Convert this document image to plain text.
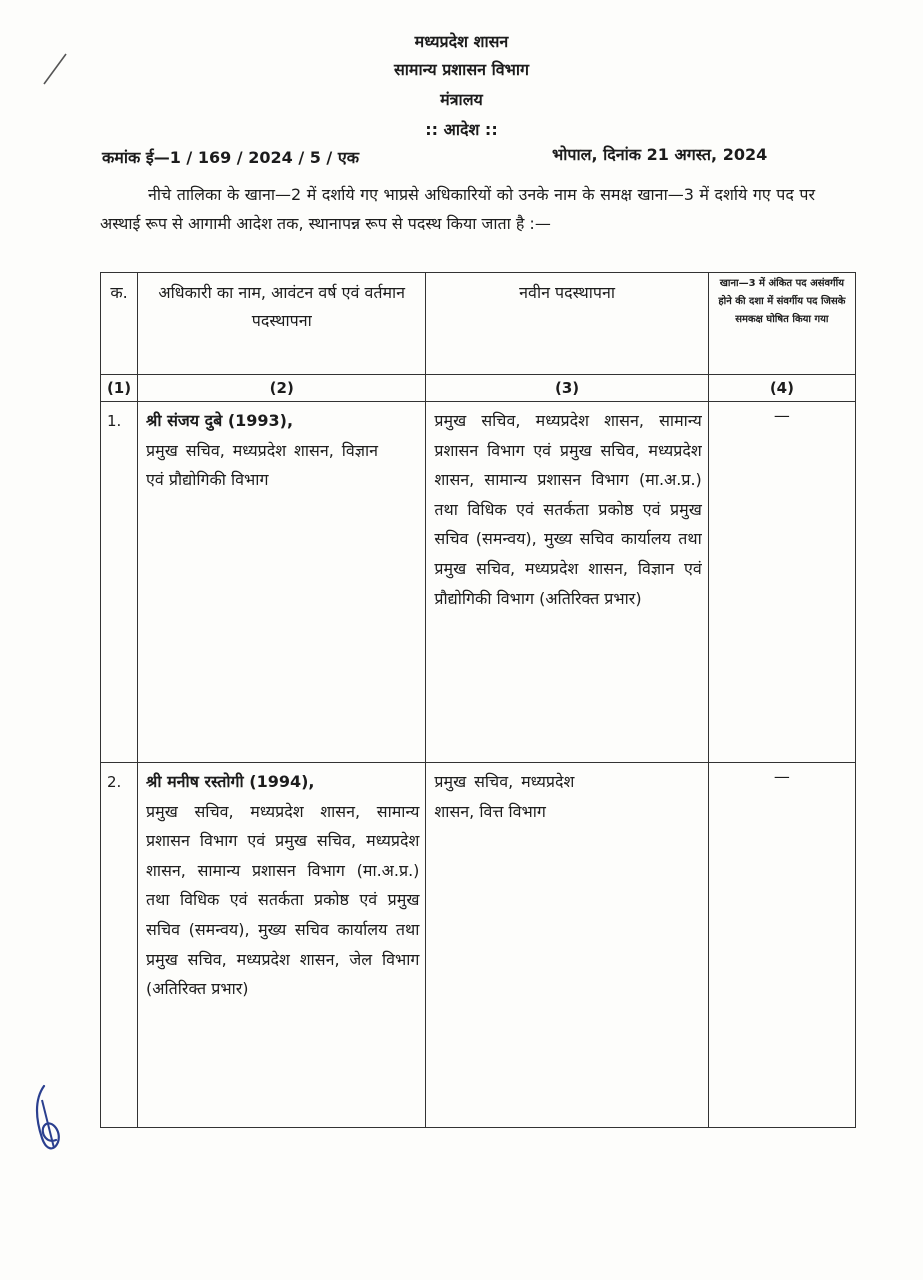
मध्यप्रदेश शासन
सामान्य प्रशासन विभाग
मंत्रालय
:: आदेश ::
कमांक ई—1 / 169 / 2024 / 5 / एक	भोपाल, दिनांक 21 अगस्त, 2024
नीचे तालिका के खाना—2 में दर्शाये गए भाप्रसे अधिकारियों को उनके नाम के समक्ष खाना—3 में दर्शाये गए पद पर अस्थाई रूप से आगामी आदेश तक, स्थानापन्न रूप से पदस्थ किया जाता है :—
क.	अधिकारी का नाम, आवंटन वर्ष एवं वर्तमान पदस्थापना	नवीन पदस्थापना	खाना—3 में अंकित पद असंवर्गीय होने की दशा में संवर्गीय पद जिसके समकक्ष घोषित किया गया
(1)	(2)	(3)	(4)
1.	श्री संजय दुबे (1993),
प्रमुख सचिव, मध्यप्रदेश शासन, विज्ञान एवं प्रौद्योगिकी विभाग	प्रमुख सचिव, मध्यप्रदेश शासन, सामान्य प्रशासन विभाग एवं प्रमुख सचिव, मध्यप्रदेश शासन, सामान्य प्रशासन विभाग (मा.अ.प्र.) तथा विधिक एवं सतर्कता प्रकोष्ठ एवं प्रमुख सचिव (समन्वय), मुख्य सचिव कार्यालय तथा प्रमुख सचिव, मध्यप्रदेश शासन, विज्ञान एवं प्रौद्योगिकी विभाग (अतिरिक्त प्रभार)	—
2.	श्री मनीष रस्तोगी (1994),
प्रमुख सचिव, मध्यप्रदेश शासन, सामान्य प्रशासन विभाग एवं प्रमुख सचिव, मध्यप्रदेश शासन, सामान्य प्रशासन विभाग (मा.अ.प्र.) तथा विधिक एवं सतर्कता प्रकोष्ठ एवं प्रमुख सचिव (समन्वय), मुख्य सचिव कार्यालय तथा प्रमुख सचिव, मध्यप्रदेश शासन, जेल विभाग (अतिरिक्त प्रभार)	प्रमुख सचिव, मध्यप्रदेश शासन, वित्त विभाग	—
